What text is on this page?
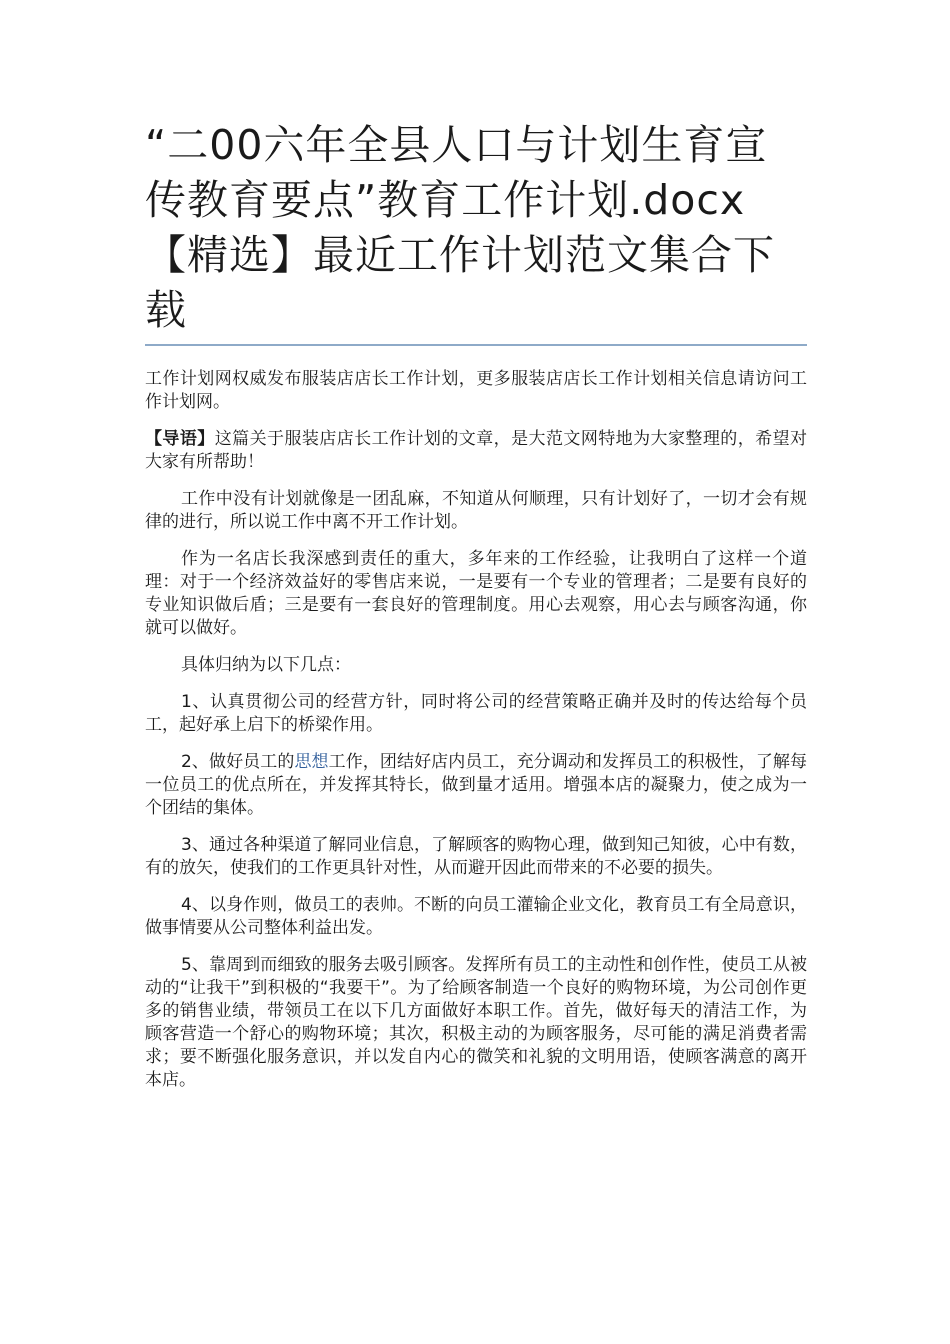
“二00六年全县人口与计划生育宣传教育要点”教育工作计划.docx【精选】最近工作计划范文集合下载

工作计划网权威发布服装店店长工作计划，更多服装店店长工作计划相关信息请访问工作计划网。

【导语】这篇关于服装店店长工作计划的文章，是大范文网特地为大家整理的，希望对大家有所帮助！

工作中没有计划就像是一团乱麻，不知道从何顺理，只有计划好了，一切才会有规律的进行，所以说工作中离不开工作计划。

作为一名店长我深感到责任的重大，多年来的工作经验，让我明白了这样一个道理：对于一个经济效益好的零售店来说，一是要有一个专业的管理者；二是要有良好的专业知识做后盾；三是要有一套良好的管理制度。用心去观察，用心去与顾客沟通，你就可以做好。

具体归纳为以下几点：

1、认真贯彻公司的经营方针，同时将公司的经营策略正确并及时的传达给每个员工，起好承上启下的桥梁作用。

2、做好员工的思想工作，团结好店内员工，充分调动和发挥员工的积极性，了解每一位员工的优点所在，并发挥其特长，做到量才适用。增强本店的凝聚力，使之成为一个团结的集体。

3、通过各种渠道了解同业信息，了解顾客的购物心理，做到知己知彼，心中有数，有的放矢，使我们的工作更具针对性，从而避开因此而带来的不必要的损失。

4、以身作则，做员工的表帅。不断的向员工灌输企业文化，教育员工有全局意识，做事情要从公司整体利益出发。

5、靠周到而细致的服务去吸引顾客。发挥所有员工的主动性和创作性，使员工从被动的“让我干”到积极的“我要干”。为了给顾客制造一个良好的购物环境，为公司创作更多的销售业绩，带领员工在以下几方面做好本职工作。首先，做好每天的清洁工作，为顾客营造一个舒心的购物环境；其次，积极主动的为顾客服务，尽可能的满足消费者需求；要不断强化服务意识，并以发自内心的微笑和礼貌的文明用语，使顾客满意的离开本店。
